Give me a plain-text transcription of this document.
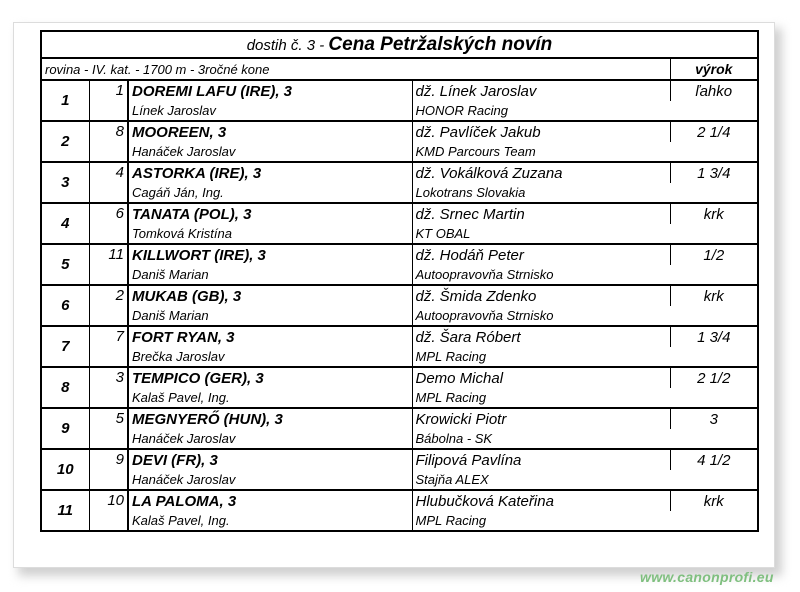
dostih č. 3 - Cena Petržalských novín				
rovina - IV. kat. - 1700 m - 3ročné kone				výrok
1	1	DOREMI LAFU (IRE), 3	dž. Línek Jaroslav	ľahko
		Línek Jaroslav	HONOR Racing	
2	8	MOOREEN, 3	dž. Pavlíček Jakub	2 1/4
		Hanáček Jaroslav	KMD Parcours Team	
3	4	ASTORKA (IRE), 3	dž. Vokálková Zuzana	1 3/4
		Cagáň Ján, Ing.	Lokotrans Slovakia	
4	6	TANATA (POL), 3	dž. Srnec Martin	krk
		Tomková Kristína	KT OBAL	
5	11	KILLWORT (IRE), 3	dž. Hodáň Peter	1/2
		Daniš Marian	Autoopravovňa Strnisko	
6	2	MUKAB (GB), 3	dž. Šmida Zdenko	krk
		Daniš Marian	Autoopravovňa Strnisko	
7	7	FORT RYAN, 3	dž. Šara Róbert	1 3/4
		Brečka Jaroslav	MPL Racing	
8	3	TEMPICO (GER), 3	Demo Michal	2 1/2
		Kalaš Pavel, Ing.	MPL Racing	
9	5	MEGNYERŐ (HUN), 3	Krowicki Piotr	3
		Hanáček Jaroslav	Bábolna - SK	
10	9	DEVI (FR), 3	Filipová Pavlína	4 1/2
		Hanáček Jaroslav	Stajňa ALEX	
11	10	LA PALOMA, 3	Hlubučková Kateřina	krk
		Kalaš Pavel, Ing.	MPL Racing	
www.canonprofi.eu
